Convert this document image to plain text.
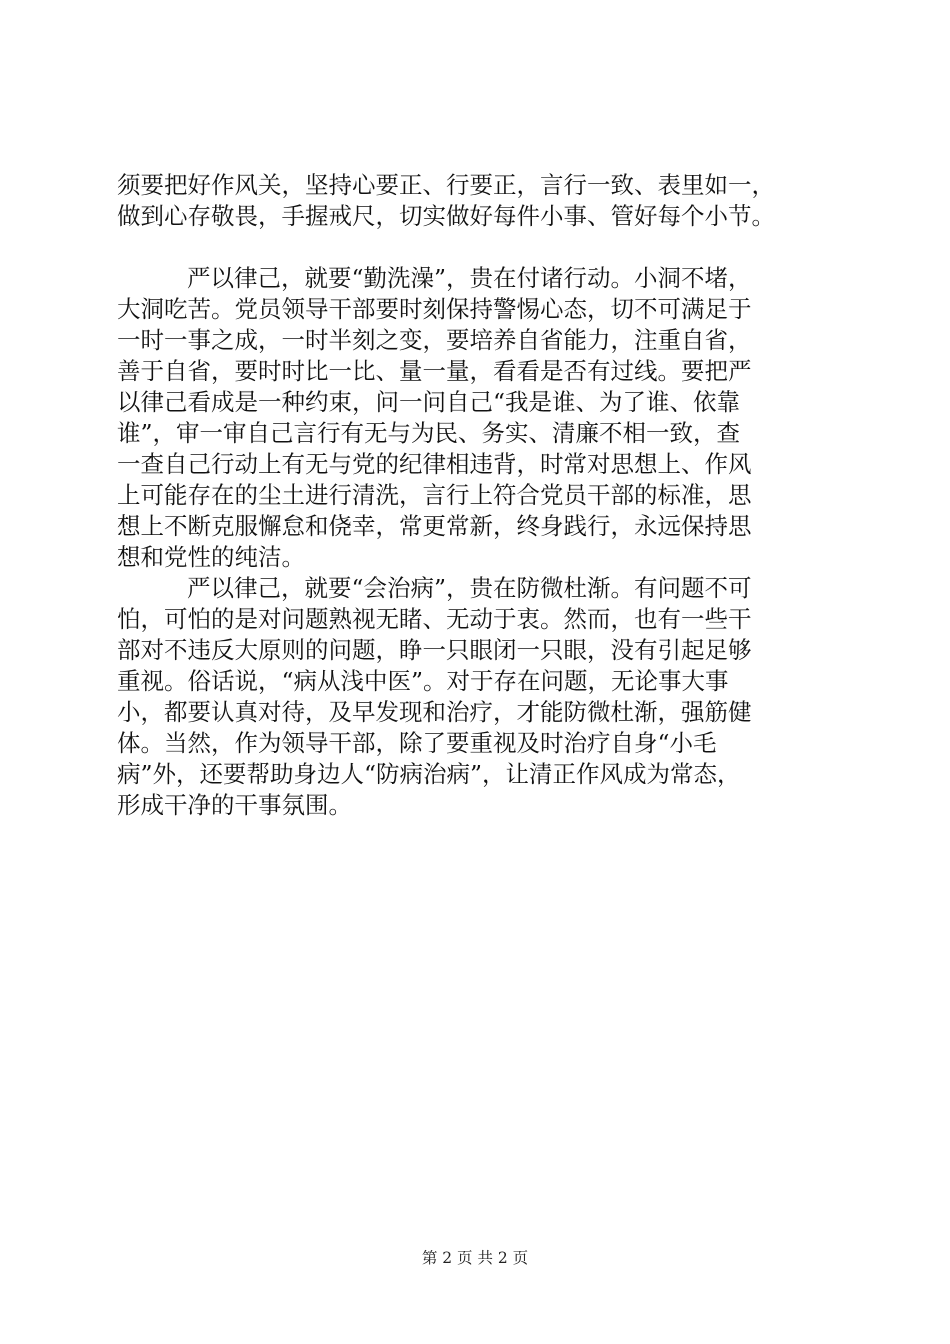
须要把好作风关，坚持心要正、行要正，言行一致、表里如一，
做到心存敬畏，手握戒尺，切实做好每件小事、管好每个小节。
严以律己，就要“勤洗澡”，贵在付诸行动。小洞不堵，
大洞吃苦。党员领导干部要时刻保持警惕心态，切不可满足于
一时一事之成，一时半刻之变，要培养自省能力，注重自省，
善于自省，要时时比一比、量一量，看看是否有过线。要把严
以律己看成是一种约束，问一问自己“我是谁、为了谁、依靠
谁”，审一审自己言行有无与为民、务实、清廉不相一致，查
一查自己行动上有无与党的纪律相违背，时常对思想上、作风
上可能存在的尘土进行清洗，言行上符合党员干部的标准，思
想上不断克服懈怠和侥幸，常更常新，终身践行，永远保持思
想和党性的纯洁。
严以律己，就要“会治病”，贵在防微杜渐。有问题不可
怕，可怕的是对问题熟视无睹、无动于衷。然而，也有一些干
部对不违反大原则的问题，睁一只眼闭一只眼，没有引起足够
重视。俗话说，“病从浅中医”。对于存在问题，无论事大事
小，都要认真对待，及早发现和治疗，才能防微杜渐，强筋健
体。当然，作为领导干部，除了要重视及时治疗自身“小毛
病”外，还要帮助身边人“防病治病”，让清正作风成为常态，
形成干净的干事氛围。
第 2 页 共 2 页
